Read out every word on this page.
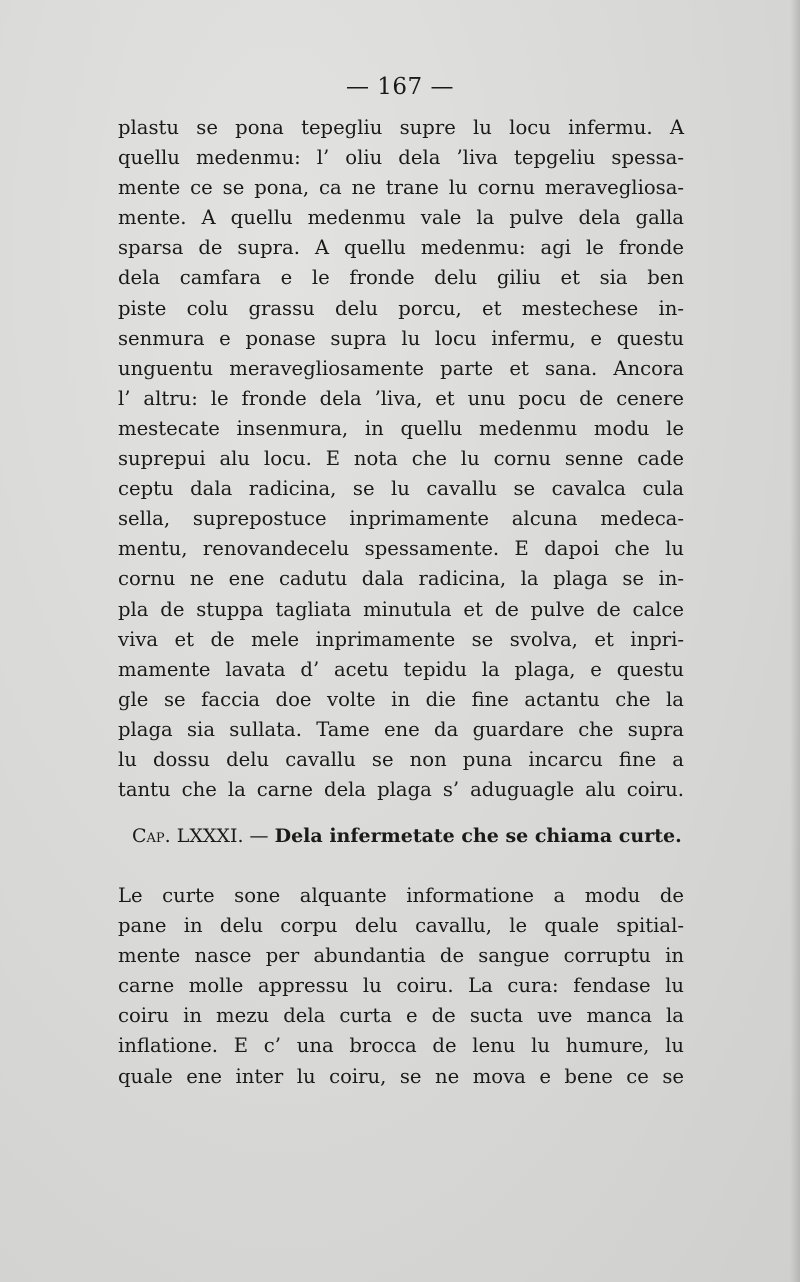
— 167 —
plastu se pona tepegliu supre lu locu infermu. A
quellu medenmu: l’ oliu dela ’liva tepgeliu spessa-
mente ce se pona, ca ne trane lu cornu meravegliosa-
mente. A quellu medenmu vale la pulve dela galla
sparsa de supra. A quellu medenmu: agi le fronde
dela camfara e le fronde delu giliu et sia ben
piste colu grassu delu porcu, et mestechese in-
senmura e ponase supra lu locu infermu, e questu
unguentu meravegliosamente parte et sana. Ancora
l’ altru: le fronde dela ’liva, et unu pocu de cenere
mestecate insenmura, in quellu medenmu modu le
suprepui alu locu. E nota che lu cornu senne cade
ceptu dala radicina, se lu cavallu se cavalca cula
sella, suprepostuce inprimamente alcuna medeca-
mentu, renovandecelu spessamente. E dapoi che lu
cornu ne ene cadutu dala radicina, la plaga se in-
pla de stuppa tagliata minutula et de pulve de calce
viva et de mele inprimamente se svolva, et inpri-
mamente lavata d’ acetu tepidu la plaga, e questu
gle se faccia doe volte in die fine actantu che la
plaga sia sullata. Tame ene da guardare che supra
lu dossu delu cavallu se non puna incarcu fine a
tantu che la carne dela plaga s’ aduguagle alu coiru.
Cap. LXXXI. — Dela infermetate che se chiama curte.
Le curte sone alquante informatione a modu de
pane in delu corpu delu cavallu, le quale spitial-
mente nasce per abundantia de sangue corruptu in
carne molle appressu lu coiru. La cura: fendase lu
coiru in mezu dela curta e de sucta uve manca la
inflatione. E c’ una brocca de lenu lu humure, lu
quale ene inter lu coiru, se ne mova e bene ce se
